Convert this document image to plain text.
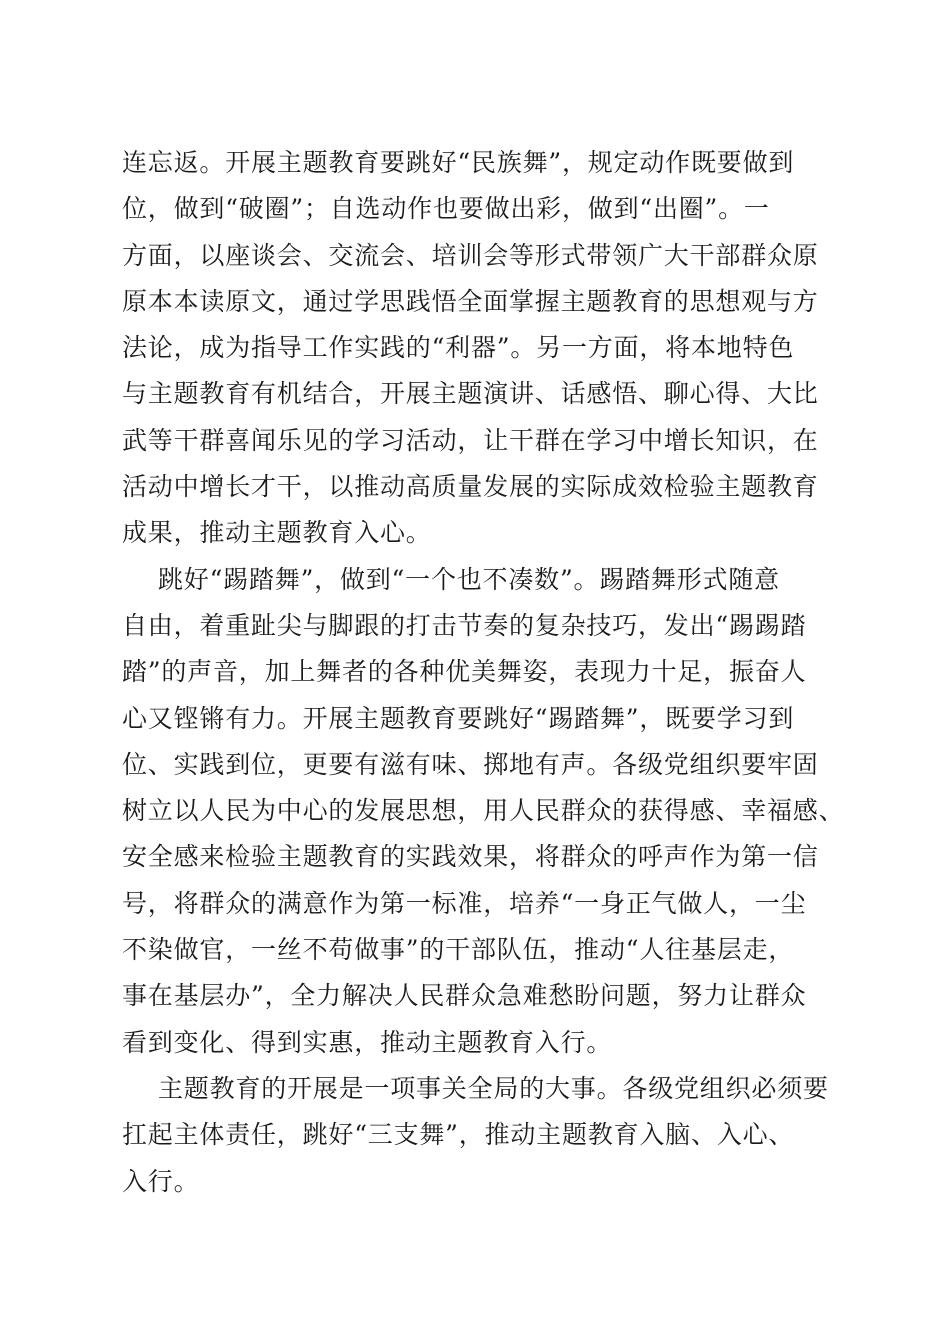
连忘返。开展主题教育要跳好“民族舞”，规定动作既要做到
位，做到“破圈”；自选动作也要做出彩，做到“出圈”。一
方面，以座谈会、交流会、培训会等形式带领广大干部群众原
原本本读原文，通过学思践悟全面掌握主题教育的思想观与方
法论，成为指导工作实践的“利器”。另一方面，将本地特色
与主题教育有机结合，开展主题演讲、话感悟、聊心得、大比
武等干群喜闻乐见的学习活动，让干群在学习中增长知识，在
活动中增长才干，以推动高质量发展的实际成效检验主题教育
成果，推动主题教育入心。
跳好“踢踏舞”，做到“一个也不凑数”。踢踏舞形式随意
自由，着重趾尖与脚跟的打击节奏的复杂技巧，发出“踢踢踏
踏”的声音，加上舞者的各种优美舞姿，表现力十足，振奋人
心又铿锵有力。开展主题教育要跳好“踢踏舞”，既要学习到
位、实践到位，更要有滋有味、掷地有声。各级党组织要牢固
树立以人民为中心的发展思想，用人民群众的获得感、幸福感、
安全感来检验主题教育的实践效果，将群众的呼声作为第一信
号，将群众的满意作为第一标准，培养“一身正气做人，一尘
不染做官，一丝不苟做事”的干部队伍，推动“人往基层走，
事在基层办”，全力解决人民群众急难愁盼问题，努力让群众
看到变化、得到实惠，推动主题教育入行。
主题教育的开展是一项事关全局的大事。各级党组织必须要
扛起主体责任，跳好“三支舞”，推动主题教育入脑、入心、
入行。
